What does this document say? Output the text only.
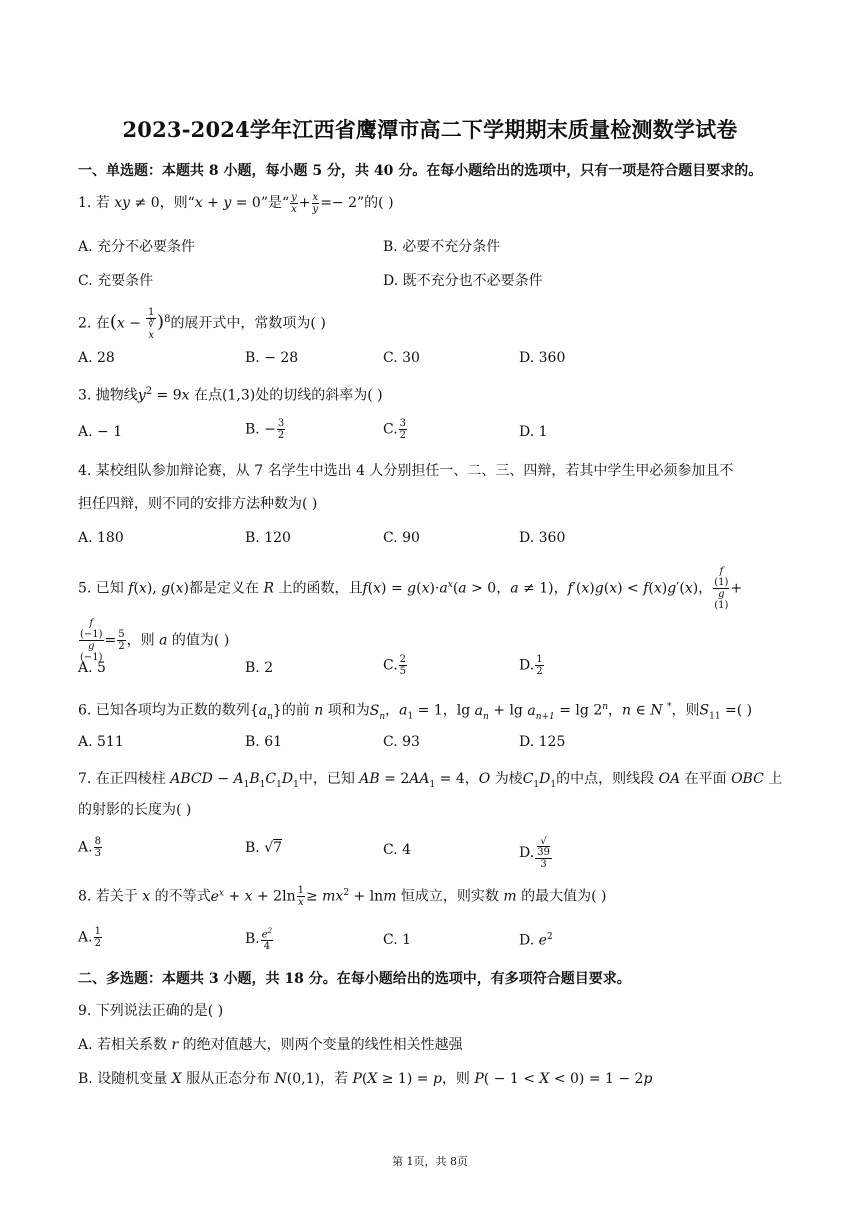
2023-2024学年江西省鹰潭市高二下学期期末质量检测数学试卷
一、单选题：本题共 8 小题，每小题 5 分，共 40 分。在每小题给出的选项中，只有一项是符合题目要求的。
1. 若 xy ≠ 0，则“x + y = 0”是“ $\frac{y}{x} + \frac{x}{y} =- 2$”的( )
A. 充分不必要条件	B. 必要不充分条件
C. 充要条件	D. 既不充分也不必要条件
2. 在(x − 1
∛
x )$^8$的展开式中，常数项为( )
A. 28	B. − 28	C. 30	D. 360
3. 抛物线$y^2 = 9x$ 在点(1,3)处的切线的斜率为( )
A. − 1	B. − $\frac{3}{2}$	C. $\frac{3}{2}$	D. 1
4. 某校组队参加辩论赛，从 7 名学生中选出 4 人分别担任一、二、三、四辩，若其中学生甲必须参加且不
担任四辩，则不同的安排方法种数为( )
A. 180	B. 120	C. 90	D. 360
5. 已知 f(x), g(x)都是定义在 R 上的函数，且$f(x) = g(x)\cdot a^x(a > 0$，a ≠ 1)，f′(x)g(x) < f(x)g′(x)， f
(1)
g
(1) +
f
(−1)
g
$(-1) = \frac{5}{2}$ ，则 a 的值为( )
A. 5	B. 2	C. $\frac{2}{5}$	D. $\frac{1}{2}$
6. 已知各项均为正数的数列$\{a_n\}$的前 n 项和为$S_n$，$a_1 = 1$，$\lg a_n + \lg a_{n+1} = \lg 2^n$，n ∈ N *，则$S_{11}$ =( )
A. 511	B. 61	C. 93	D. 125
7. 在正四棱柱 ABCD − $A_1B_1C_1D_1$中，已知 AB = $2AA_1 = 4$，O 为棱$C_1D_1$的中点，则线段 OA 在平面 OBC 上
的射影的长度为( )
A. $\frac{8}{3}$	B. √7	C. 4	D. √
39
3
8. 若关于 x 的不等式$e^x + x + 2\ln \frac{1}{x} \ge mx^2 + \ln m$ 恒成立，则实数 m 的最大值为( )
A. $\frac{1}{2}$	B. $\frac{e^2}{4}$	C. 1	D. $e^2$
二、多选题：本题共 3 小题，共 18 分。在每小题给出的选项中，有多项符合题目要求。
9. 下列说法正确的是( )
A. 若相关系数 r 的绝对值越大，则两个变量的线性相关性越强
B. 设随机变量 X 服从正态分布 N(0,1)，若 P(X ≥ 1) = p，则 P( − 1 < X < 0) = 1 − 2p
第 1页，共 8页
